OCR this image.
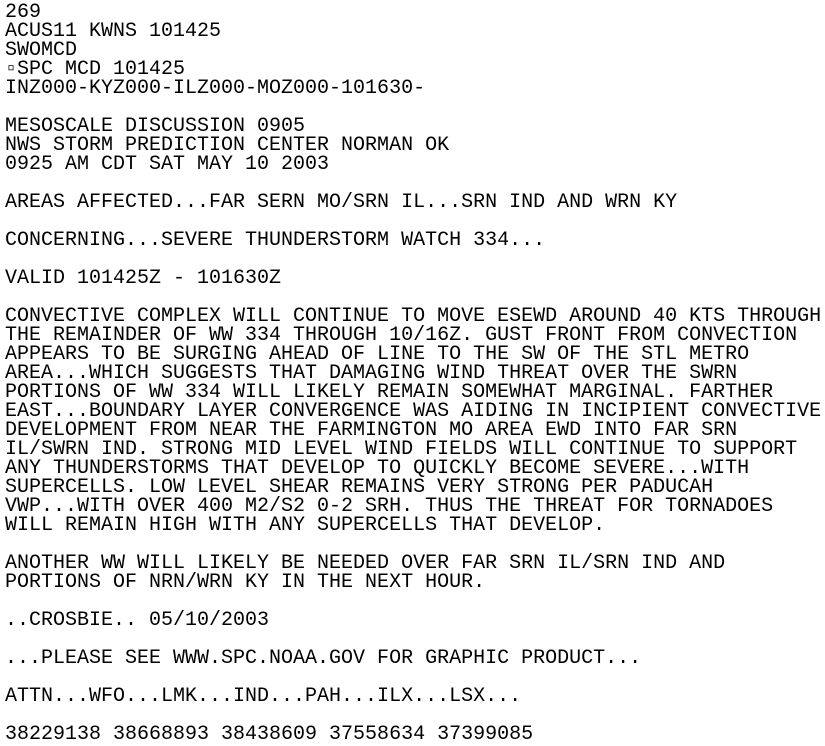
269
ACUS11 KWNS 101425
SWOMCD
▫SPC MCD 101425
INZ000-KYZ000-ILZ000-MOZ000-101630-
MESOSCALE DISCUSSION 0905
NWS STORM PREDICTION CENTER NORMAN OK
0925 AM CDT SAT MAY 10 2003
AREAS AFFECTED...FAR SERN MO/SRN IL...SRN IND AND WRN KY
CONCERNING...SEVERE THUNDERSTORM WATCH 334...
VALID 101425Z - 101630Z
CONVECTIVE COMPLEX WILL CONTINUE TO MOVE ESEWD AROUND 40 KTS THROUGH
THE REMAINDER OF WW 334 THROUGH 10/16Z. GUST FRONT FROM CONVECTION
APPEARS TO BE SURGING AHEAD OF LINE TO THE SW OF THE STL METRO
AREA...WHICH SUGGESTS THAT DAMAGING WIND THREAT OVER THE SWRN
PORTIONS OF WW 334 WILL LIKELY REMAIN SOMEWHAT MARGINAL. FARTHER
EAST...BOUNDARY LAYER CONVERGENCE WAS AIDING IN INCIPIENT CONVECTIVE
DEVELOPMENT FROM NEAR THE FARMINGTON MO AREA EWD INTO FAR SRN
IL/SWRN IND. STRONG MID LEVEL WIND FIELDS WILL CONTINUE TO SUPPORT
ANY THUNDERSTORMS THAT DEVELOP TO QUICKLY BECOME SEVERE...WITH
SUPERCELLS. LOW LEVEL SHEAR REMAINS VERY STRONG PER PADUCAH
VWP...WITH OVER 400 M2/S2 0-2 SRH. THUS THE THREAT FOR TORNADOES
WILL REMAIN HIGH WITH ANY SUPERCELLS THAT DEVELOP.
ANOTHER WW WILL LIKELY BE NEEDED OVER FAR SRN IL/SRN IND AND
PORTIONS OF NRN/WRN KY IN THE NEXT HOUR.
..CROSBIE.. 05/10/2003
...PLEASE SEE WWW.SPC.NOAA.GOV FOR GRAPHIC PRODUCT...
ATTN...WFO...LMK...IND...PAH...ILX...LSX...
38229138 38668893 38438609 37558634 37399085
